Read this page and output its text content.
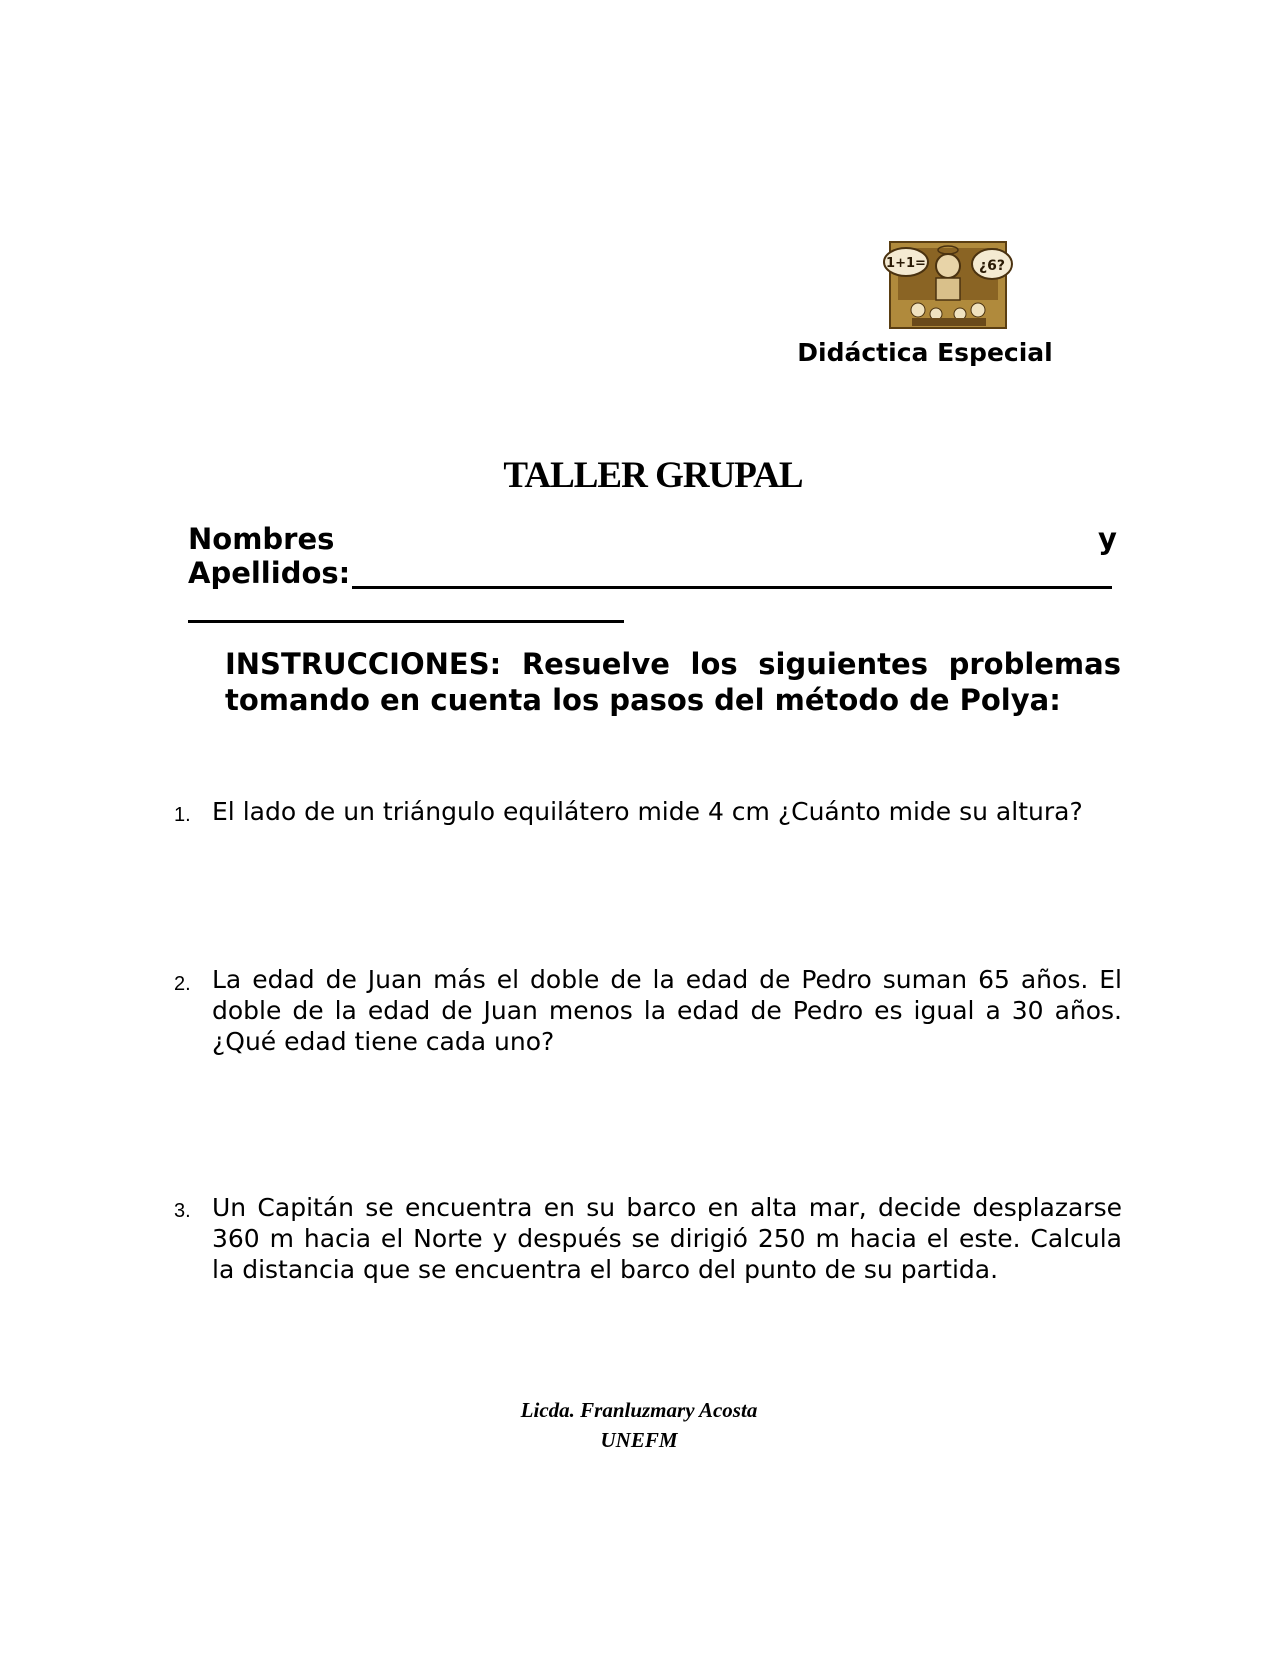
1+1=	¿6?
Didáctica Especial
TALLER GRUPAL
Nombres	y
Apellidos:
INSTRUCCIONES: Resuelve los siguientes problemas tomando en cuenta los pasos del método de Polya:
1. El lado de un triángulo equilátero mide 4 cm ¿Cuánto mide su altura?
2. La edad de Juan más el doble de la edad de Pedro suman 65 años. El doble de la edad de Juan menos la edad de Pedro es igual a 30 años. ¿Qué edad tiene cada uno?
3. Un Capitán se encuentra en su barco en alta mar, decide desplazarse 360 m hacia el Norte y después se dirigió 250 m hacia el este. Calcula la distancia que se encuentra el barco del punto de su partida.
Licda. Franluzmary Acosta
UNEFM
